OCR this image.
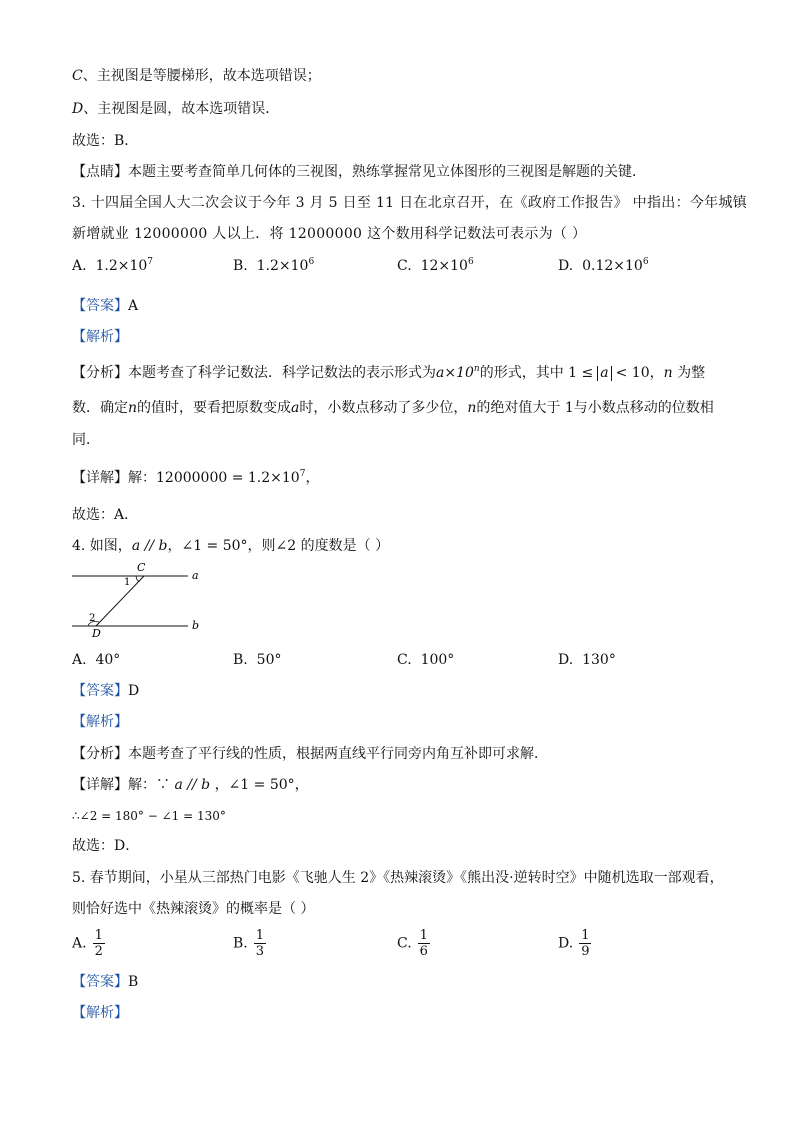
C、主视图是等腰梯形，故本选项错误；
D、主视图是圆，故本选项错误．
故选：B．
【点睛】本题主要考查简单几何体的三视图，熟练掌握常见立体图形的三视图是解题的关键．
3. 十四届全国人大二次会议于今年 3 月 5 日至 11 日在北京召开，在《政府工作报告》 中指出：今年城镇
新增就业 12000000 人以上．将 12000000 这个数用科学记数法可表示为（ ）
A. $1.2\times 10^7$	B. $1.2\times 10^6$	C. $12\times 10^6$	D. $0.12\times 10^6$
【答案】A
【解析】
【分析】本题考查了科学记数法．科学记数法的表示形式为$a\times 10^n$的形式，其中 1 ≤ a < 10，n 为整
数．确定n的值时，要看把原数变成a时，小数点移动了多少位，n的绝对值大于 1与小数点移动的位数相
同．
【详解】解：$12000000 = 1.2\times 10^7$，
故选：A．
4. 如图，a // b，∠1 = 50°，则∠2 的度数是（ ）
C
1
a
2
D
b
A. 40°	B. 50°	C. 100°	D. 130°
【答案】D
【解析】
【分析】本题考查了平行线的性质，根据两直线平行同旁内角互补即可求解．
【详解】解：∵ a // b ，∠1 = 50°，
∴∠2 = 180° − ∠1 = 130°
故选：D．
5. 春节期间，小星从三部热门电影《飞驰人生 2》《热辣滚烫》《熊出没·逆转时空》中随机选取一部观看，
则恰好选中《热辣滚烫》的概率是（ ）
A. $\frac{1}{2}$	B. $\frac{1}{3}$	C. $\frac{1}{6}$	D. $\frac{1}{9}$
【答案】B
【解析】
